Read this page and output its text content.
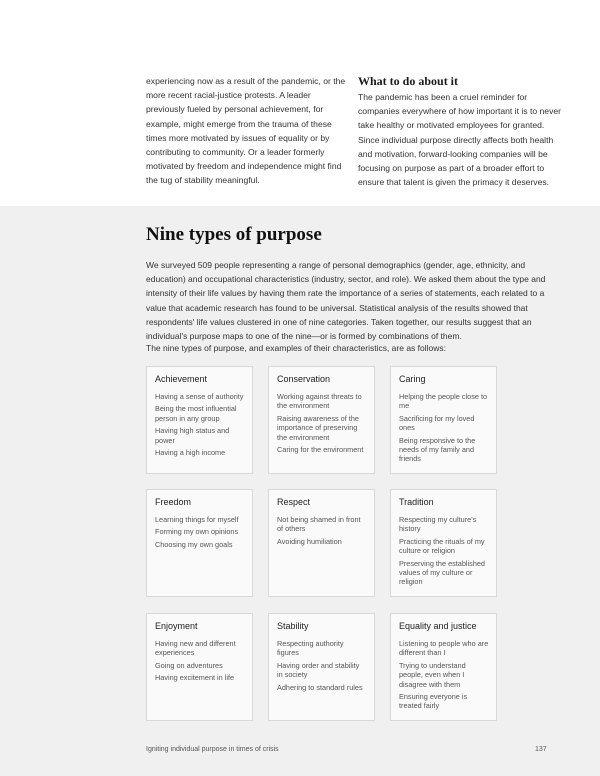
experiencing now as a result of the pandemic, or the more recent racial-justice protests. A leader previously fueled by personal achievement, for example, might emerge from the trauma of these times more motivated by issues of equality or by contributing to community. Or a leader formerly motivated by freedom and independence might find the tug of stability meaningful.

What to do about it

The pandemic has been a cruel reminder for companies everywhere of how important it is to never take healthy or motivated employees for granted. Since individual purpose directly affects both health and motivation, forward-looking companies will be focusing on purpose as part of a broader effort to ensure that talent is given the primacy it deserves.

Nine types of purpose

We surveyed 509 people representing a range of personal demographics (gender, age, ethnicity, and education) and occupational characteristics (industry, sector, and role). We asked them about the type and intensity of their life values by having them rate the importance of a series of statements, each related to a value that academic research has found to be universal. Statistical analysis of the results showed that respondents' life values clustered in one of nine categories. Taken together, our results suggest that an individual's purpose maps to one of the nine—or is formed by combinations of them.

The nine types of purpose, and examples of their characteristics, are as follows:

Achievement
Having a sense of authority
Being the most influential person in any group
Having high status and power
Having a high income
Conservation
Working against threats to the environment
Raising awareness of the importance of preserving the environment
Caring for the environment
Caring
Helping the people close to me
Sacrificing for my loved ones
Being responsive to the needs of my family and friends
Freedom
Learning things for myself
Forming my own opinions
Choosing my own goals
Respect
Not being shamed in front of others
Avoiding humiliation
Tradition
Respecting my culture's history
Practicing the rituals of my culture or religion
Preserving the established values of my culture or religion
Enjoyment
Having new and different experiences
Going on adventures
Having excitement in life
Stability
Respecting authority figures
Having order and stability in society
Adhering to standard rules
Equality and justice
Listening to people who are different than I
Trying to understand people, even when I disagree with them
Ensuring everyone is treated fairly
Igniting individual purpose in times of crisis	137
